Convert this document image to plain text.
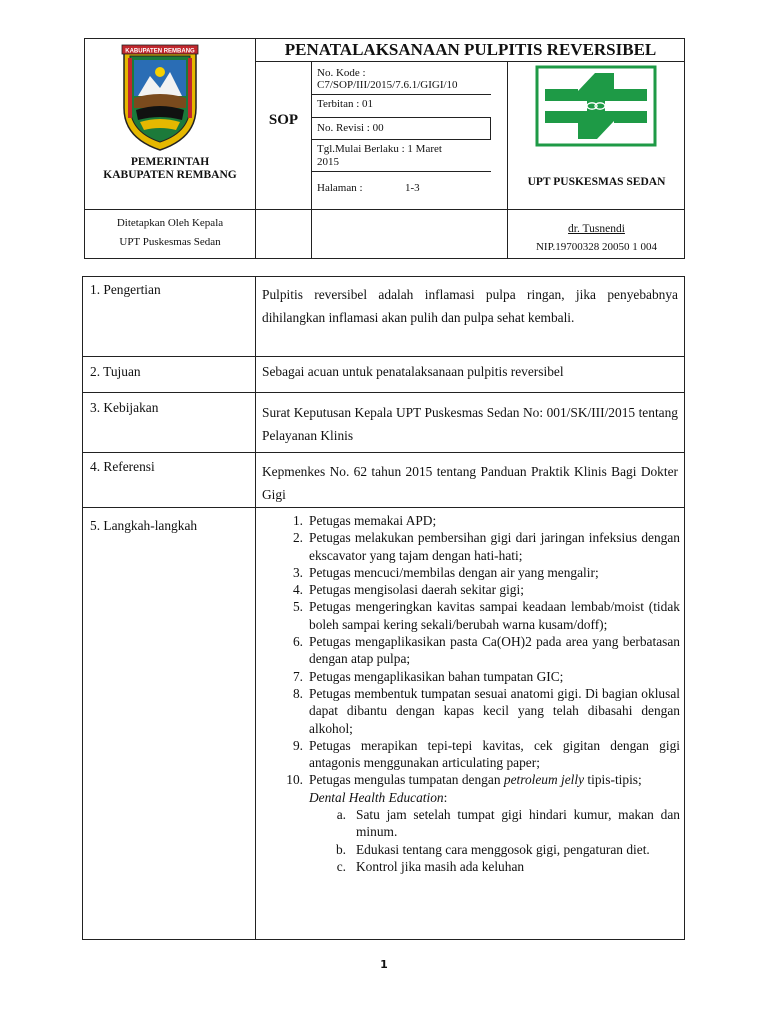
KABUPATEN REMBANG
PEMERINTAH
KABUPATEN REMBANG
PENATALAKSANAAN PULPITIS REVERSIBEL
SOP
No. Kode :
C7/SOP/III/2015/7.6.1/GIGI/10
Terbitan : 01
No. Revisi : 00
Tgl.Mulai Berlaku : 1 Maret
2015
Halaman :	1-3	UPT PUSKESMAS SEDAN
Ditetapkan Oleh Kepala
UPT Puskesmas Sedan
dr. Tusnendi
NIP.19700328 20050 1 004
1. Pengertian	Pulpitis reversibel adalah inflamasi pulpa ringan, jika penyebabnya dihilangkan inflamasi akan pulih dan pulpa sehat kembali.
2. Tujuan	Sebagai acuan untuk penatalaksanaan pulpitis reversibel
3. Kebijakan	Surat Keputusan Kepala UPT Puskesmas Sedan No: 001/SK/III/2015 tentang Pelayanan Klinis
4. Referensi	Kepmenkes No. 62 tahun 2015 tentang Panduan Praktik Klinis Bagi Dokter Gigi
5. Langkah-langkah	1. Petugas memakai APD;
2. Petugas melakukan pembersihan gigi dari jaringan infeksius dengan ekscavator yang tajam dengan hati-hati;
3. Petugas mencuci/membilas dengan air yang mengalir;
4. Petugas mengisolasi daerah sekitar gigi;
5. Petugas mengeringkan kavitas sampai keadaan lembab/moist (tidak boleh sampai kering sekali/berubah warna kusam/doff);
6. Petugas mengaplikasikan pasta Ca(OH)2 pada area yang berbatasan dengan atap pulpa;
7. Petugas mengaplikasikan bahan tumpatan GIC;
8. Petugas membentuk tumpatan sesuai anatomi gigi. Di bagian oklusal dapat dibantu dengan kapas kecil yang telah dibasahi dengan alkohol;
9. Petugas merapikan tepi-tepi kavitas, cek gigitan dengan gigi antagonis menggunakan articulating paper;
10. Petugas mengulas tumpatan dengan petroleum jelly tipis-tipis;
Dental Health Education:
a. Satu jam setelah tumpat gigi hindari kumur, makan dan minum.
b. Edukasi tentang cara menggosok gigi, pengaturan diet.
c. Kontrol jika masih ada keluhan
1
